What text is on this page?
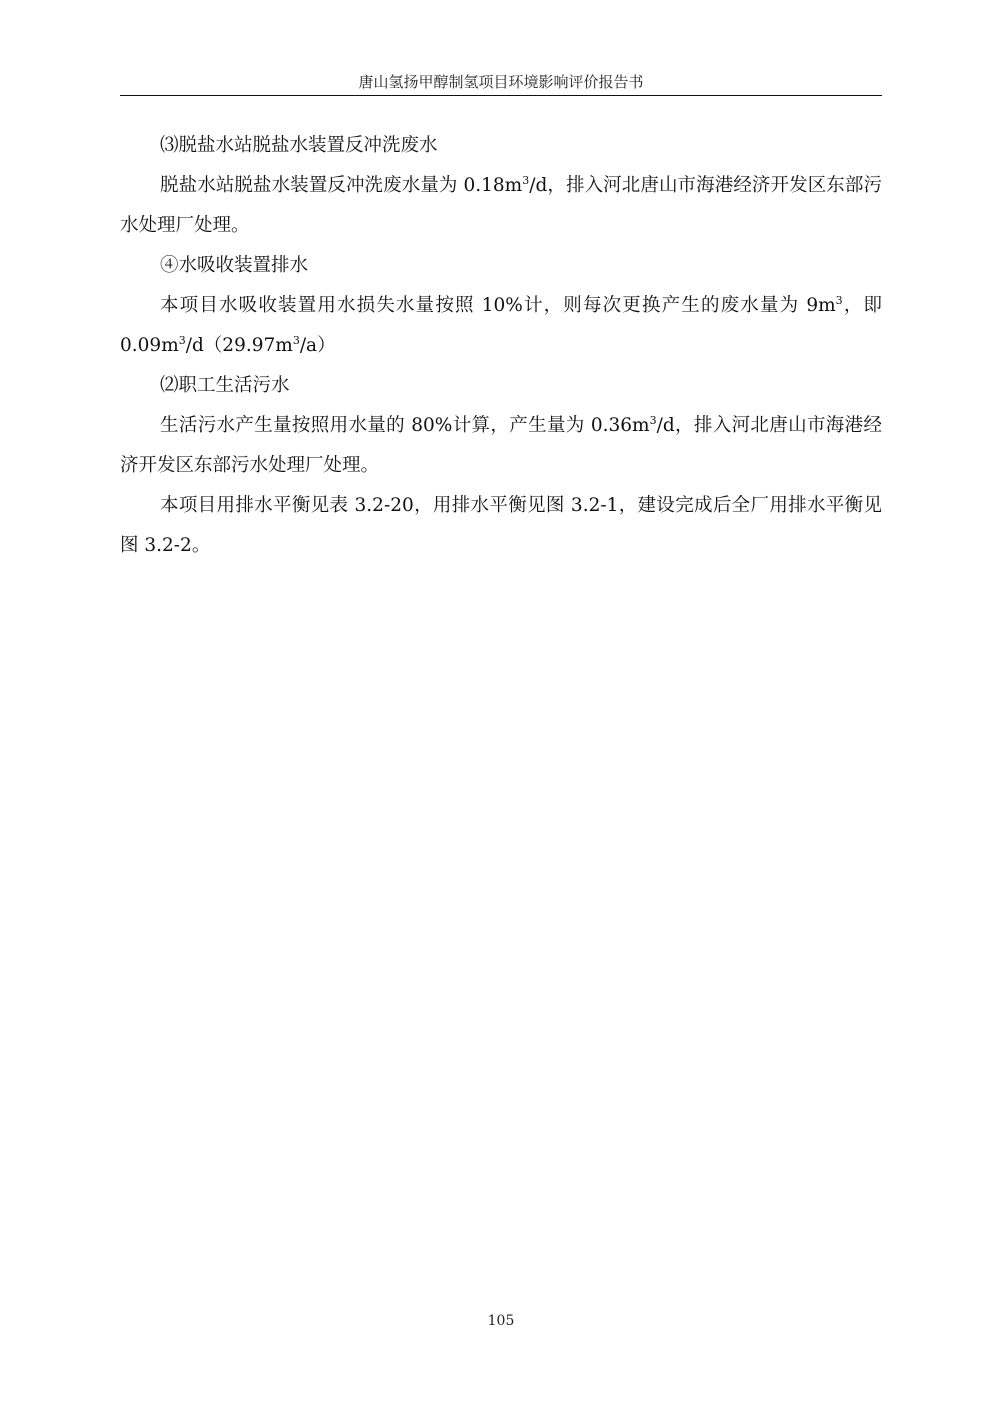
唐山氢扬甲醇制氢项目环境影响评价报告书

⑶脱盐水站脱盐水装置反冲洗废水

脱盐水站脱盐水装置反冲洗废水量为 $0.18m^3/d$，排入河北唐山市海港经济开发区东部污水处理厂处理。

④水吸收装置排水

本项目水吸收装置用水损失水量按照 10%计，则每次更换产生的废水量为 $9m^3$，即 $0.09m^3/d(29.97m^3/a)$

⑵职工生活污水

生活污水产生量按照用水量的 80%计算，产生量为 $0.36m^3/d$，排入河北唐山市海港经济开发区东部污水处理厂处理。

本项目用排水平衡见表 3.2-20，用排水平衡见图 3.2-1，建设完成后全厂用排水平衡见图 3.2-2。

105
